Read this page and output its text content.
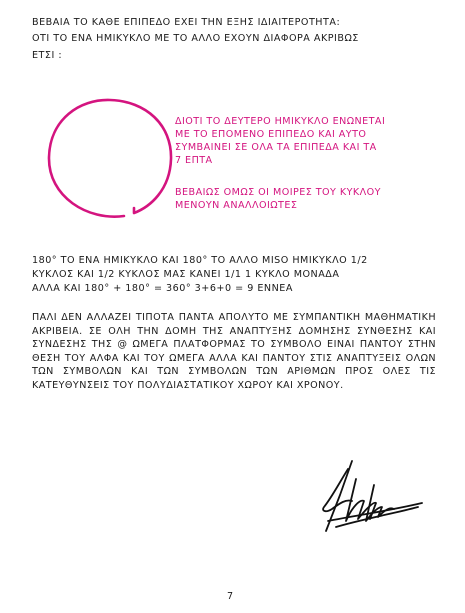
ΒΕΒΑΙΑ ΤΟ ΚΑΘΕ ΕΠΙΠΕΔΟ ΕΧΕΙ ΤΗΝ ΕΞΗΣ ΙΔΙΑΙΤΕΡΟΤΗΤΑ:

ΟΤΙ ΤΟ ΕΝΑ ΗΜΙΚΥΚΛΟ ΜΕ ΤΟ ΑΛΛΟ ΕΧΟΥΝ ΔΙΑΦΟΡΑ ΑΚΡΙΒΩΣ

ΕΤΣΙ :

ΔΙΟΤΙ ΤΟ ΔΕΥΤΕΡΟ ΗΜΙΚΥΚΛΟ ΕΝΩΝΕΤΑΙ

ΜΕ ΤΟ ΕΠΟΜΕΝΟ ΕΠΙΠΕΔΟ ΚΑΙ ΑΥΤΟ

ΣΥΜΒΑΙΝΕΙ ΣΕ ΟΛΑ ΤΑ ΕΠΙΠΕΔΑ ΚΑΙ ΤΑ

7 ΕΠΤΑ

ΒΕΒΑΙΩΣ ΟΜΩΣ ΟΙ ΜΟΙΡΕΣ ΤΟΥ ΚΥΚΛΟΥ

ΜΕΝΟΥΝ ΑΝΑΛΛΟΙΩΤΕΣ

180° ΤΟ ΕΝΑ ΗΜΙΚΥΚΛΟ ΚΑΙ 180° ΤΟ ΑΛΛΟ MISO ΗΜΙΚΥΚΛΟ 1/2

ΚΥΚΛΟΣ ΚΑΙ 1/2 ΚΥΚΛΟΣ ΜΑΣ ΚΑΝΕΙ 1/1 1 ΚΥΚΛΟ ΜΟΝΑΔΑ

ΑΛΛΑ ΚΑΙ 180° + 180° = 360° 3+6+0 = 9 ΕΝΝΕΑ

ΠΑΛΙ ΔΕΝ ΑΛΛΑΖΕΙ ΤΙΠΟΤΑ ΠΑΝΤΑ ΑΠΟΛΥΤΟ ΜΕ ΣΥΜΠΑΝΤΙΚΗ ΜΑΘΗΜΑΤΙΚΗ ΑΚΡΙΒΕΙΑ. ΣΕ ΟΛΗ ΤΗΝ ΔΟΜΗ ΤΗΣ ΑΝΑΠΤΥΞΗΣ ΔΟΜΗΣΗΣ ΣΥΝΘΕΣΗΣ ΚΑΙ ΣΥΝΔΕΣΗΣ ΤΗΣ @ ΩΜΕΓΑ ΠΛΑΤΦΟΡΜΑΣ ΤΟ ΣΥΜΒΟΛΟ ΕΙΝΑΙ ΠΑΝΤΟΥ ΣΤΗΝ ΘΕΣΗ ΤΟΥ ΑΛΦΑ ΚΑΙ ΤΟΥ ΩΜΕΓΑ ΑΛΛΑ ΚΑΙ ΠΑΝΤΟΥ ΣΤΙΣ ΑΝΑΠΤΥΞΕΙΣ ΟΛΩΝ ΤΩΝ ΣΥΜΒΟΛΩΝ ΚΑΙ ΤΩΝ ΣΥΜΒΟΛΩΝ ΤΩΝ ΑΡΙΘΜΩΝ ΠΡΟΣ ΟΛΕΣ ΤΙΣ ΚΑΤΕΥΘΥΝΣΕΙΣ ΤΟΥ ΠΟΛΥΔΙΑΣΤΑΤΙΚΟΥ ΧΩΡΟΥ ΚΑΙ ΧΡΟΝΟΥ.

7
